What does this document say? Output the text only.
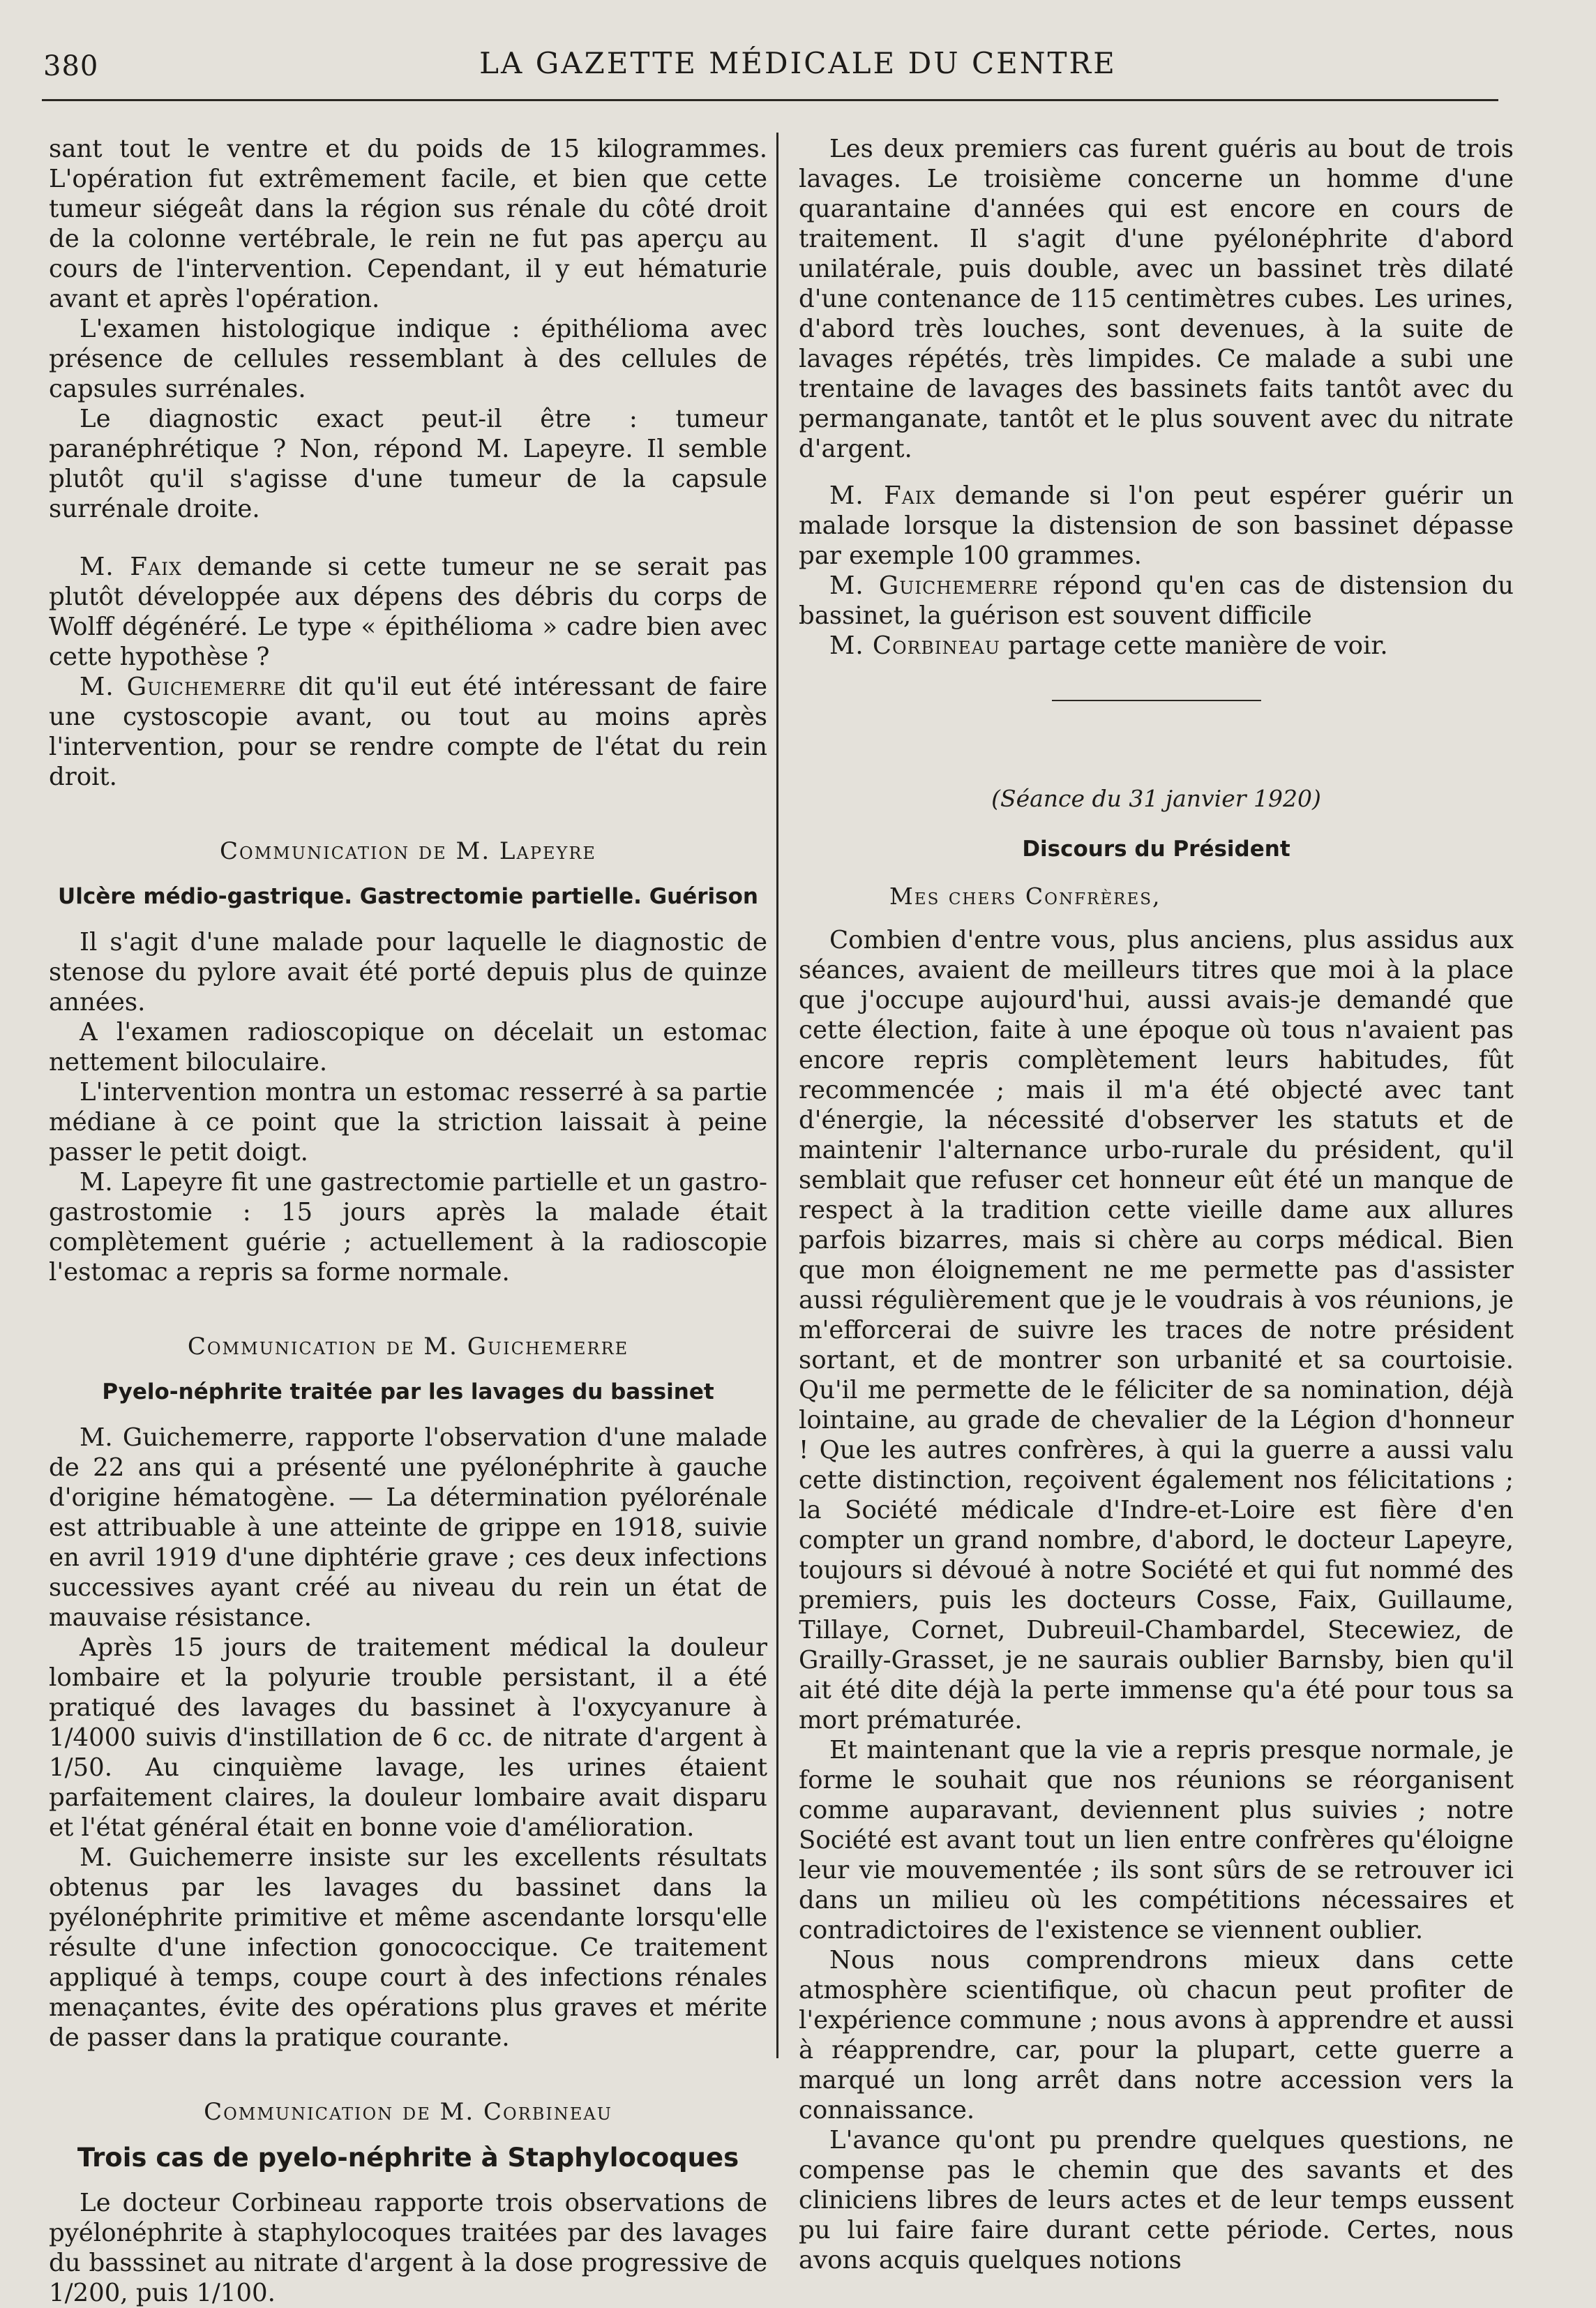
380	LA GAZETTE MÉDICALE DU CENTRE

sant tout le ventre et du poids de 15 kilogrammes. L'opération fut extrêmement facile, et bien que cette tumeur siégeât dans la région sus rénale du côté droit de la colonne vertébrale, le rein ne fut pas aperçu au cours de l'intervention. Cependant, il y eut hématurie avant et après l'opération.

L'examen histologique indique : épithélioma avec présence de cellules ressemblant à des cellules de capsules surrénales.

Le diagnostic exact peut-il être : tumeur paranéphrétique ? Non, répond M. Lapeyre. Il semble plutôt qu'il s'agisse d'une tumeur de la capsule surrénale droite.

M. Faix demande si cette tumeur ne se serait pas plutôt développée aux dépens des débris du corps de Wolff dégénéré. Le type « épithélioma » cadre bien avec cette hypothèse ?

M. Guichemerre dit qu'il eut été intéressant de faire une cystoscopie avant, ou tout au moins après l'intervention, pour se rendre compte de l'état du rein droit.

Communication de M. Lapeyre
Ulcère médio-gastrique. Gastrectomie partielle. Guérison

Il s'agit d'une malade pour laquelle le diagnostic de stenose du pylore avait été porté depuis plus de quinze années.

A l'examen radioscopique on décelait un estomac nettement biloculaire.

L'intervention montra un estomac resserré à sa partie médiane à ce point que la striction laissait à peine passer le petit doigt.

M. Lapeyre fit une gastrectomie partielle et un gastro-gastrostomie : 15 jours après la malade était complètement guérie ; actuellement à la radioscopie l'estomac a repris sa forme normale.

Communication de M. Guichemerre
Pyelo-néphrite traitée par les lavages du bassinet

M. Guichemerre, rapporte l'observation d'une malade de 22 ans qui a présenté une pyélonéphrite à gauche d'origine hématogène. — La détermination pyélorénale est attribuable à une atteinte de grippe en 1918, suivie en avril 1919 d'une diphtérie grave ; ces deux infections successives ayant créé au niveau du rein un état de mauvaise résistance.

Après 15 jours de traitement médical la douleur lombaire et la polyurie trouble persistant, il a été pratiqué des lavages du bassinet à l'oxycyanure à 1/4000 suivis d'instillation de 6 cc. de nitrate d'argent à 1/50. Au cinquième lavage, les urines étaient parfaitement claires, la douleur lombaire avait disparu et l'état général était en bonne voie d'amélioration.

M. Guichemerre insiste sur les excellents résultats obtenus par les lavages du bassinet dans la pyélonéphrite primitive et même ascendante lorsqu'elle résulte d'une infection gonococcique. Ce traitement appliqué à temps, coupe court à des infections rénales menaçantes, évite des opérations plus graves et mérite de passer dans la pratique courante.

Communication de M. Corbineau
Trois cas de pyelo-néphrite à Staphylocoques

Le docteur Corbineau rapporte trois observations de pyélonéphrite à staphylocoques traitées par des lavages du basssinet au nitrate d'argent à la dose progressive de 1/200, puis 1/100.

Les deux premiers cas furent guéris au bout de trois lavages. Le troisième concerne un homme d'une quarantaine d'années qui est encore en cours de traitement. Il s'agit d'une pyélonéphrite d'abord unilatérale, puis double, avec un bassinet très dilaté d'une contenance de 115 centimètres cubes. Les urines, d'abord très louches, sont devenues, à la suite de lavages répétés, très limpides. Ce malade a subi une trentaine de lavages des bassinets faits tantôt avec du permanganate, tantôt et le plus souvent avec du nitrate d'argent.

M. Faix demande si l'on peut espérer guérir un malade lorsque la distension de son bassinet dépasse par exemple 100 grammes.

M. Guichemerre répond qu'en cas de distension du bassinet, la guérison est souvent difficile

M. Corbineau partage cette manière de voir.

(Séance du 31 janvier 1920)
Discours du Président
Mes chers Confrères,

Combien d'entre vous, plus anciens, plus assidus aux séances, avaient de meilleurs titres que moi à la place que j'occupe aujourd'hui, aussi avais-je demandé que cette élection, faite à une époque où tous n'avaient pas encore repris complètement leurs habitudes, fût recommencée ; mais il m'a été objecté avec tant d'énergie, la nécessité d'observer les statuts et de maintenir l'alternance urbo-rurale du président, qu'il semblait que refuser cet honneur eût été un manque de respect à la tradition cette vieille dame aux allures parfois bizarres, mais si chère au corps médical. Bien que mon éloignement ne me permette pas d'assister aussi régulièrement que je le voudrais à vos réunions, je m'efforcerai de suivre les traces de notre président sortant, et de montrer son urbanité et sa courtoisie. Qu'il me permette de le féliciter de sa nomination, déjà lointaine, au grade de chevalier de la Légion d'honneur ! Que les autres confrères, à qui la guerre a aussi valu cette distinction, reçoivent également nos félicitations ; la Société médicale d'Indre-et-Loire est fière d'en compter un grand nombre, d'abord, le docteur Lapeyre, toujours si dévoué à notre Société et qui fut nommé des premiers, puis les docteurs Cosse, Faix, Guillaume, Tillaye, Cornet, Dubreuil-Chambardel, Stecewiez, de Grailly-Grasset, je ne saurais oublier Barnsby, bien qu'il ait été dite déjà la perte immense qu'a été pour tous sa mort prématurée.

Et maintenant que la vie a repris presque normale, je forme le souhait que nos réunions se réorganisent comme auparavant, deviennent plus suivies ; notre Société est avant tout un lien entre confrères qu'éloigne leur vie mouvementée ; ils sont sûrs de se retrouver ici dans un milieu où les compétitions nécessaires et contradictoires de l'existence se viennent oublier.

Nous nous comprendrons mieux dans cette atmosphère scientifique, où chacun peut profiter de l'expérience commune ; nous avons à apprendre et aussi à réapprendre, car, pour la plupart, cette guerre a marqué un long arrêt dans notre accession vers la connaissance.

L'avance qu'ont pu prendre quelques questions, ne compense pas le chemin que des savants et des cliniciens libres de leurs actes et de leur temps eussent pu lui faire faire durant cette période. Certes, nous avons acquis quelques notions
